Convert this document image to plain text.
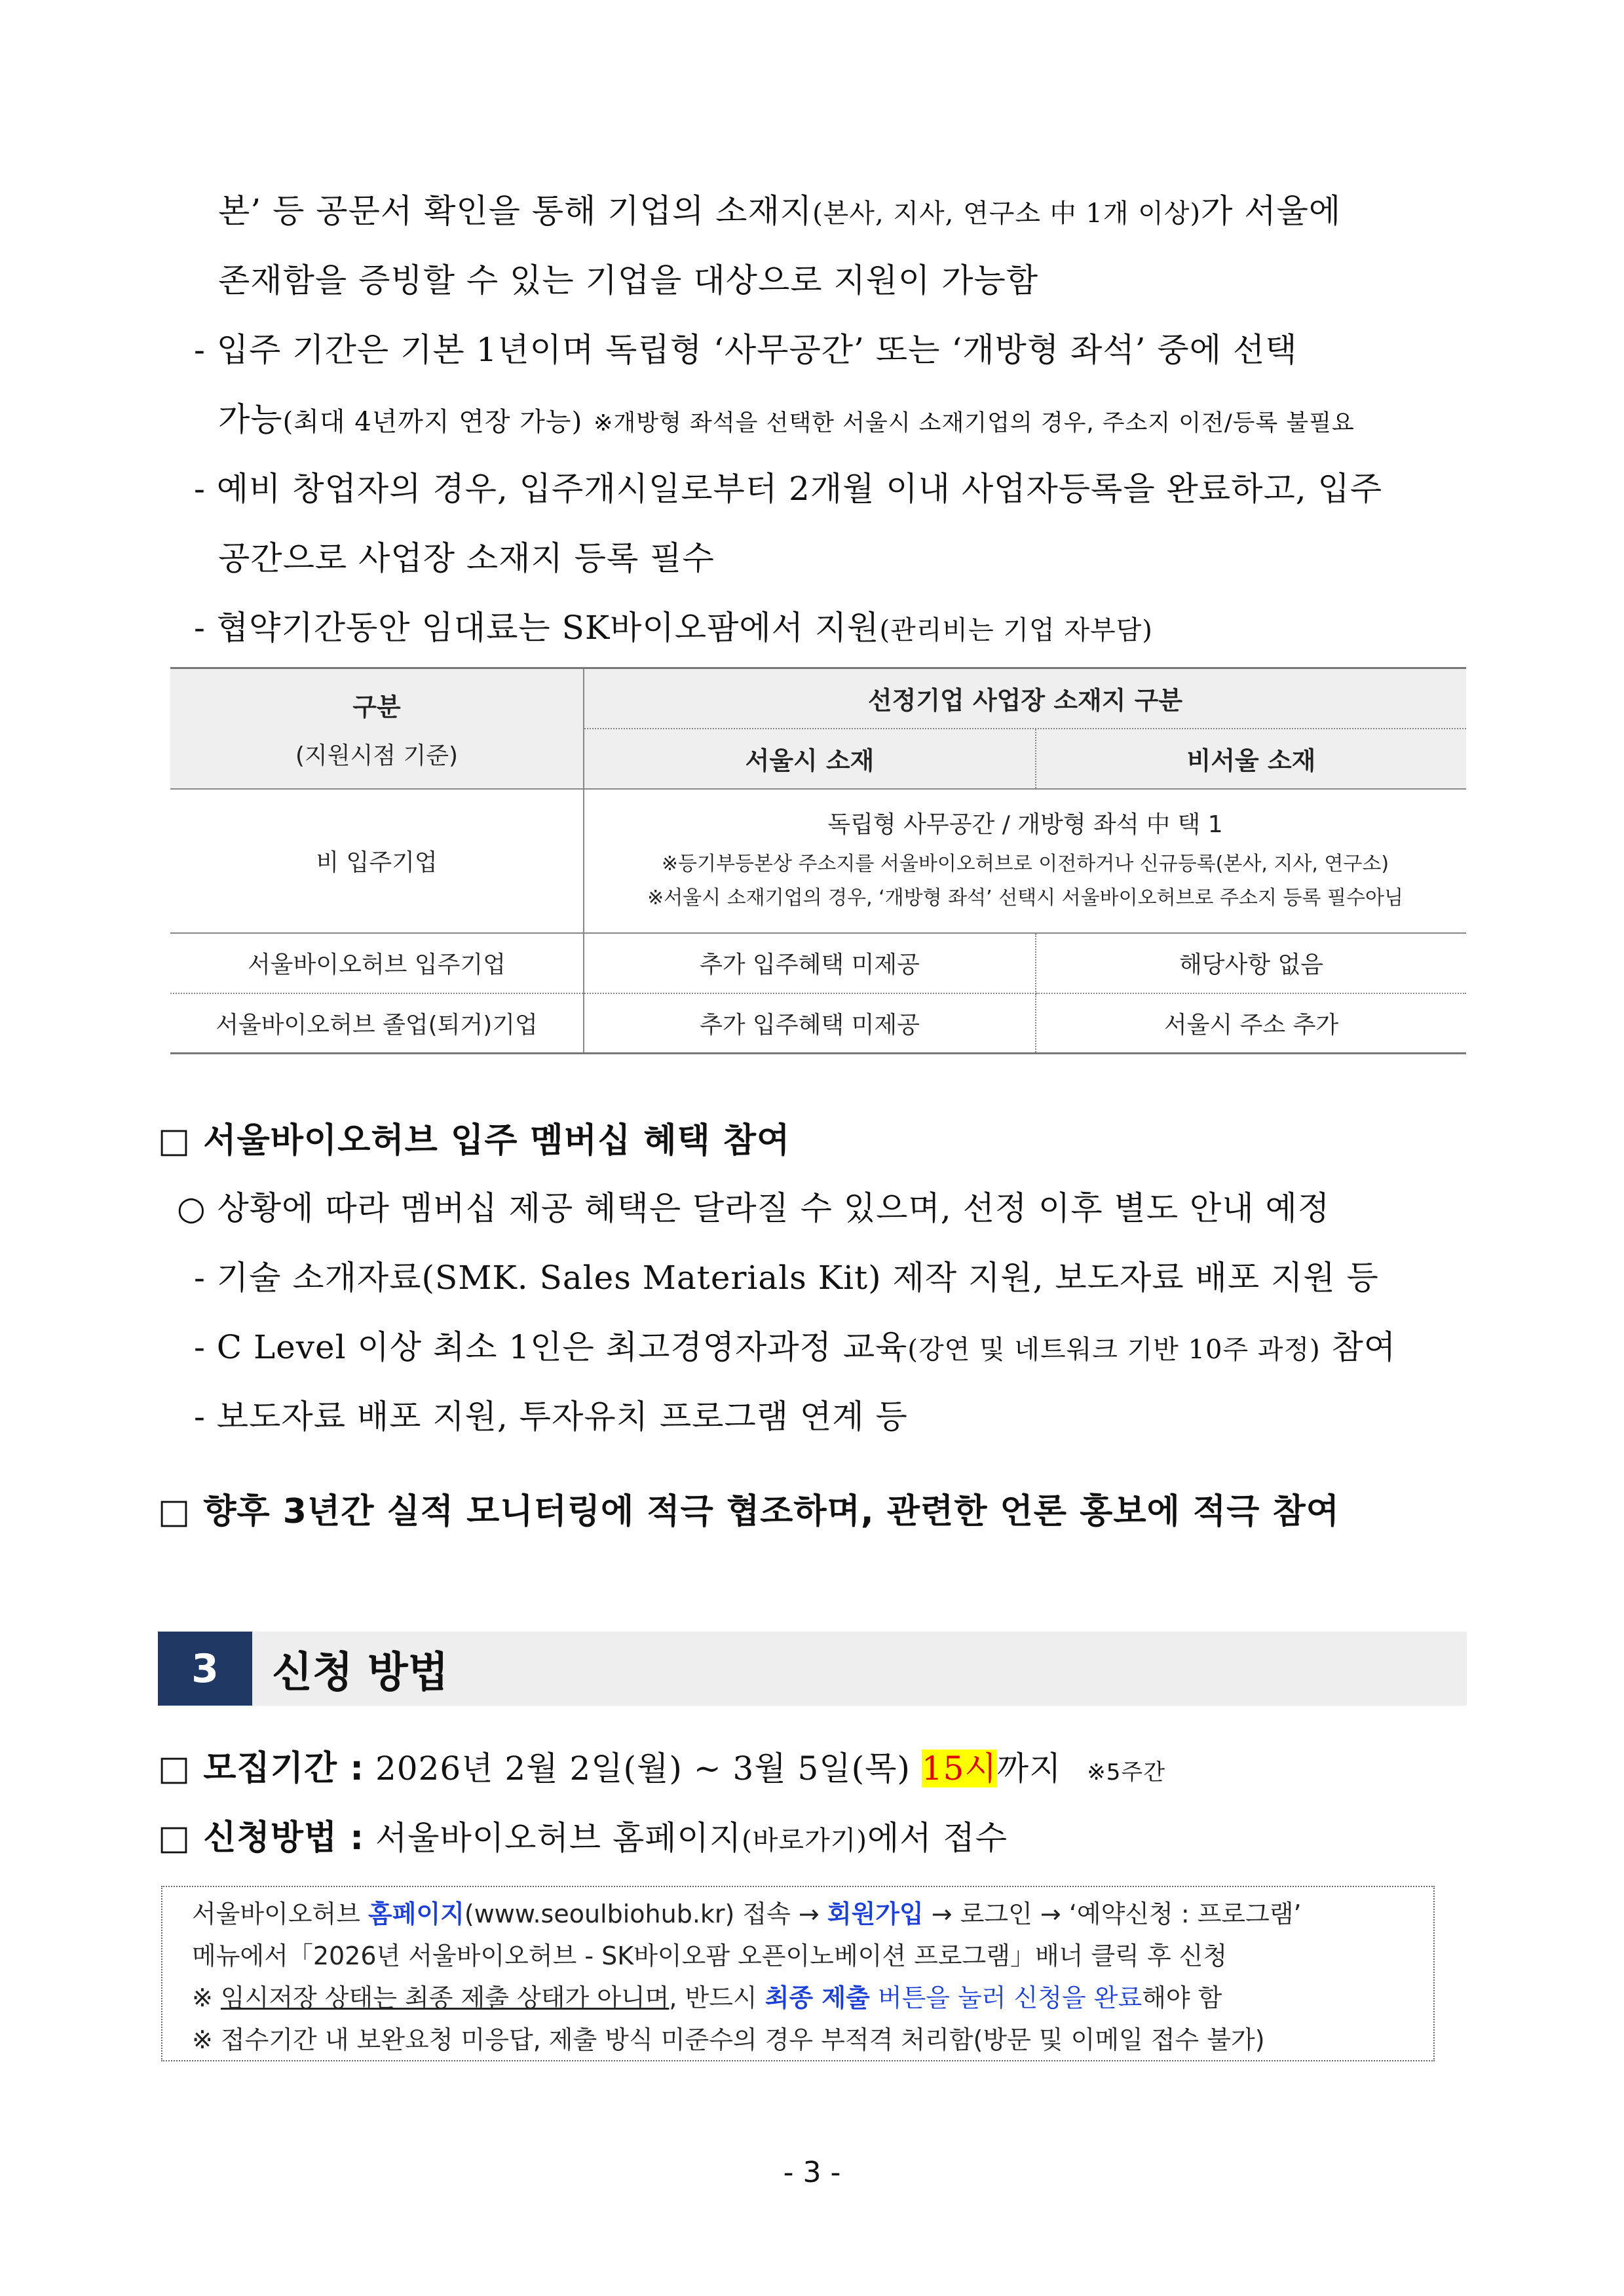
본’ 등 공문서 확인을 통해 기업의 소재지(본사, 지사, 연구소 中 1개 이상)가 서울에
존재함을 증빙할 수 있는 기업을 대상으로 지원이 가능함
- 입주 기간은 기본 1년이며 독립형 ‘사무공간’ 또는 ‘개방형 좌석’ 중에 선택
가능(최대 4년까지 연장 가능) ※개방형 좌석을 선택한 서울시 소재기업의 경우, 주소지 이전/등록 불필요
- 예비 창업자의 경우, 입주개시일로부터 2개월 이내 사업자등록을 완료하고, 입주
공간으로 사업장 소재지 등록 필수
- 협약기간동안 임대료는 SK바이오팜에서 지원(관리비는 기업 자부담)
구분
(지원시점 기준)	선정기업 사업장 소재지 구분	
	서울시 소재	비서울 소재
비 입주기업	독립형 사무공간 / 개방형 좌석 中 택 1
※등기부등본상 주소지를 서울바이오허브로 이전하거나 신규등록(본사, 지사, 연구소)
※서울시 소재기업의 경우, ‘개방형 좌석’ 선택시 서울바이오허브로 주소지 등록 필수아님	

서울바이오허브 입주기업	추가 입주혜택 미제공	해당사항 없음
서울바이오허브 졸업(퇴거)기업	추가 입주혜택 미제공	서울시 주소 추가
□ 서울바이오허브 입주 멤버십 혜택 참여
○ 상황에 따라 멤버십 제공 혜택은 달라질 수 있으며, 선정 이후 별도 안내 예정
- 기술 소개자료(SMK. Sales Materials Kit) 제작 지원, 보도자료 배포 지원 등
- C Level 이상 최소 1인은 최고경영자과정 교육(강연 및 네트워크 기반 10주 과정) 참여
- 보도자료 배포 지원, 투자유치 프로그램 연계 등
□ 향후 3년간 실적 모니터링에 적극 협조하며, 관련한 언론 홍보에 적극 참여
3	신청 방법
□ 모집기간 : 2026년 2월 2일(월) ~ 3월 5일(목) 15시까지 ※5주간
□ 신청방법 : 서울바이오허브 홈페이지(바로가기)에서 접수
서울바이오허브 홈페이지(www.seoulbiohub.kr) 접속 → 회원가입 → 로그인 → ‘예약신청 : 프로그램’
메뉴에서「2026년 서울바이오허브 - SK바이오팜 오픈이노베이션 프로그램」배너 클릭 후 신청
※ 임시저장 상태는 최종 제출 상태가 아니며, 반드시 최종 제출 버튼을 눌러 신청을 완료해야 함
※ 접수기간 내 보완요청 미응답, 제출 방식 미준수의 경우 부적격 처리함(방문 및 이메일 접수 불가)
- 3 -
